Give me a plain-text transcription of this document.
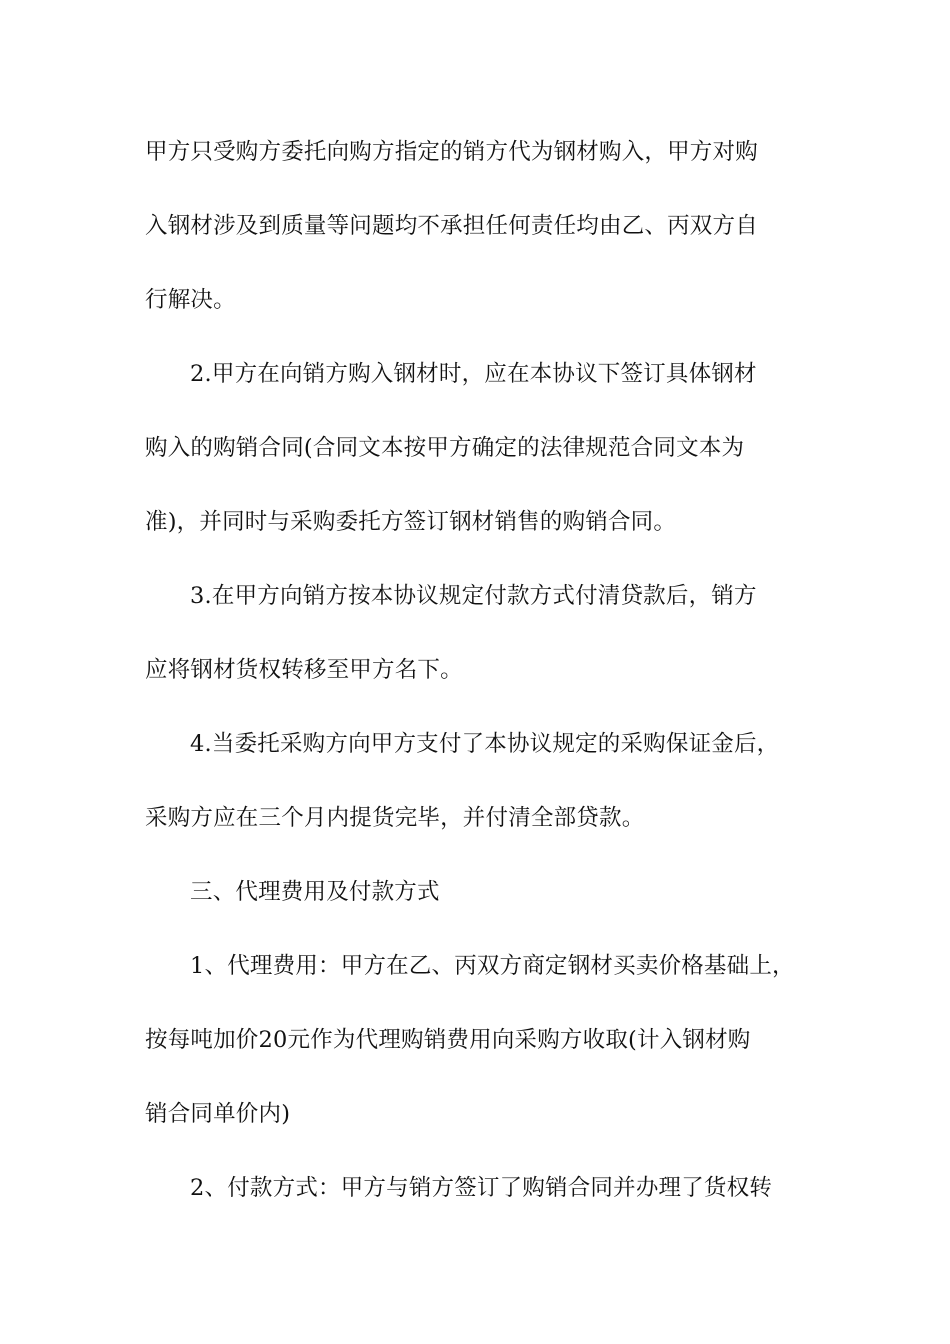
甲方只受购方委托向购方指定的销方代为钢材购入，甲方对购
入钢材涉及到质量等问题均不承担任何责任均由乙、丙双方自
行解决。
2.甲方在向销方购入钢材时，应在本协议下签订具体钢材
购入的购销合同(合同文本按甲方确定的法律规范合同文本为
准)，并同时与采购委托方签订钢材销售的购销合同。
3.在甲方向销方按本协议规定付款方式付清贷款后，销方
应将钢材货权转移至甲方名下。
4.当委托采购方向甲方支付了本协议规定的采购保证金后，
采购方应在三个月内提货完毕，并付清全部贷款。
三、代理费用及付款方式
1、代理费用：甲方在乙、丙双方商定钢材买卖价格基础上，
按每吨加价20元作为代理购销费用向采购方收取(计入钢材购
销合同单价内)
2、付款方式：甲方与销方签订了购销合同并办理了货权转
